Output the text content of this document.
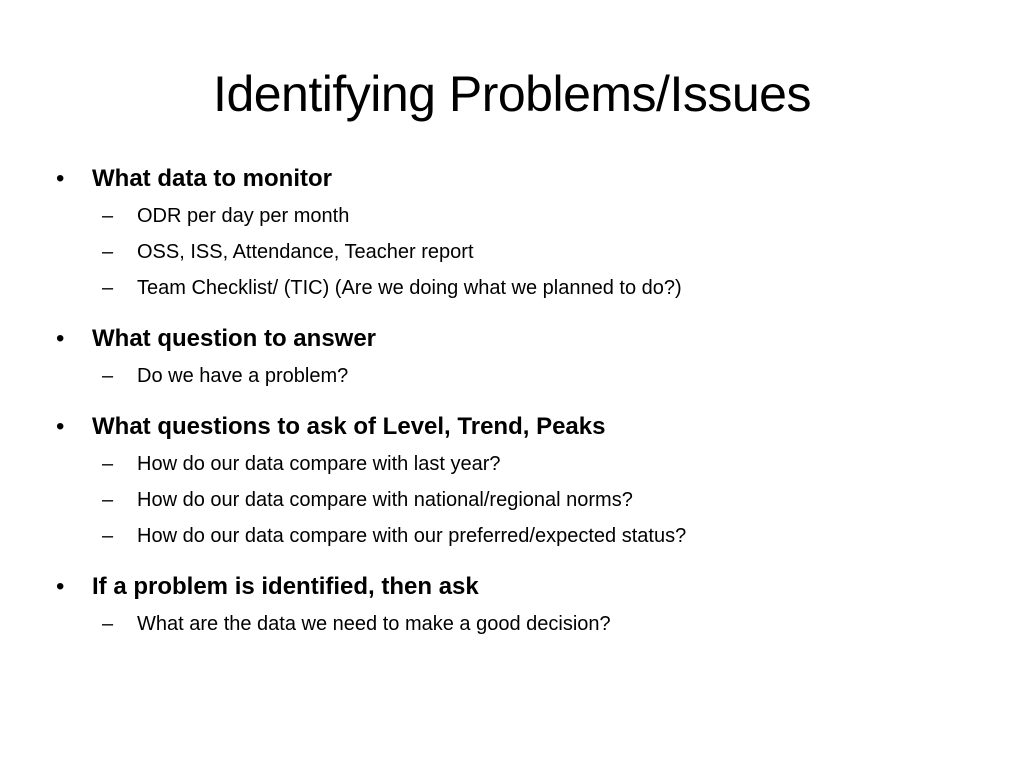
Identifying Problems/Issues
•	What data to monitor
– ODR per day per month
– OSS, ISS, Attendance, Teacher report
– Team Checklist/ (TIC) (Are we doing what we planned to do?)
•	What question to answer
– Do we have a problem?
•	What questions to ask of Level, Trend, Peaks
– How do our data compare with last year?
– How do our data compare with national/regional norms?
– How do our data compare with our preferred/expected status?
•	If a problem is identified, then ask
– What are the data we need to make a good decision?
